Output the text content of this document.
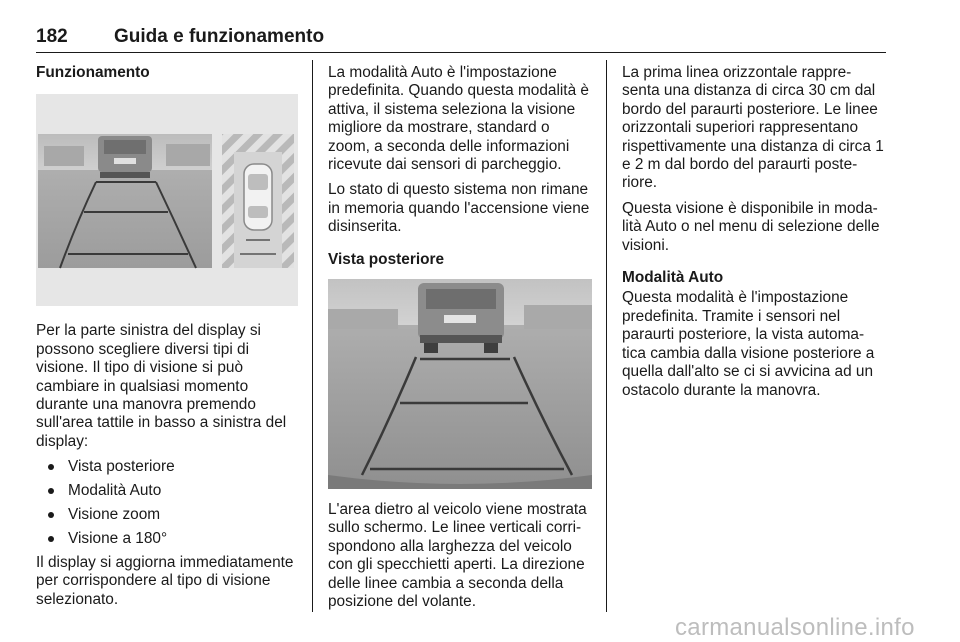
182 Guida e funzionamento
Funzionamento

Per la parte sinistra del display si possono scegliere diversi tipi di visione. Il tipo di visione si può cambiare in qualsiasi momento durante una manovra premendo sull'area tattile in basso a sinistra del display:

Vista posteriore
Modalità Auto
Visione zoom
Visione a 180°

Il display si aggiorna immediatamente per corrispondere al tipo di visione selezionato.

La modalità Auto è l'impostazione predefinita. Quando questa modalità è attiva, il sistema seleziona la visione migliore da mostrare, standard o zoom, a seconda delle informazioni ricevute dai sensori di parcheggio.

Lo stato di questo sistema non rimane in memoria quando l'accensione viene disinserita.

Vista posteriore

L'area dietro al veicolo viene mostrata sullo schermo. Le linee verticali corri-spondono alla larghezza del veicolo con gli specchietti aperti. La direzione delle linee cambia a seconda della posizione del volante.

La prima linea orizzontale rappre-senta una distanza di circa 30 cm dal bordo del paraurti posteriore. Le linee orizzontali superiori rappresentano rispettivamente una distanza di circa 1 e 2 m dal bordo del paraurti poste-riore.

Questa visione è disponibile in moda-lità Auto o nel menu di selezione delle visioni.

Modalità Auto

Questa modalità è l'impostazione predefinita. Tramite i sensori nel paraurti posteriore, la vista automa-tica cambia dalla visione posteriore a quella dall'alto se ci si avvicina ad un ostacolo durante la manovra.

carmanualsonline.info
